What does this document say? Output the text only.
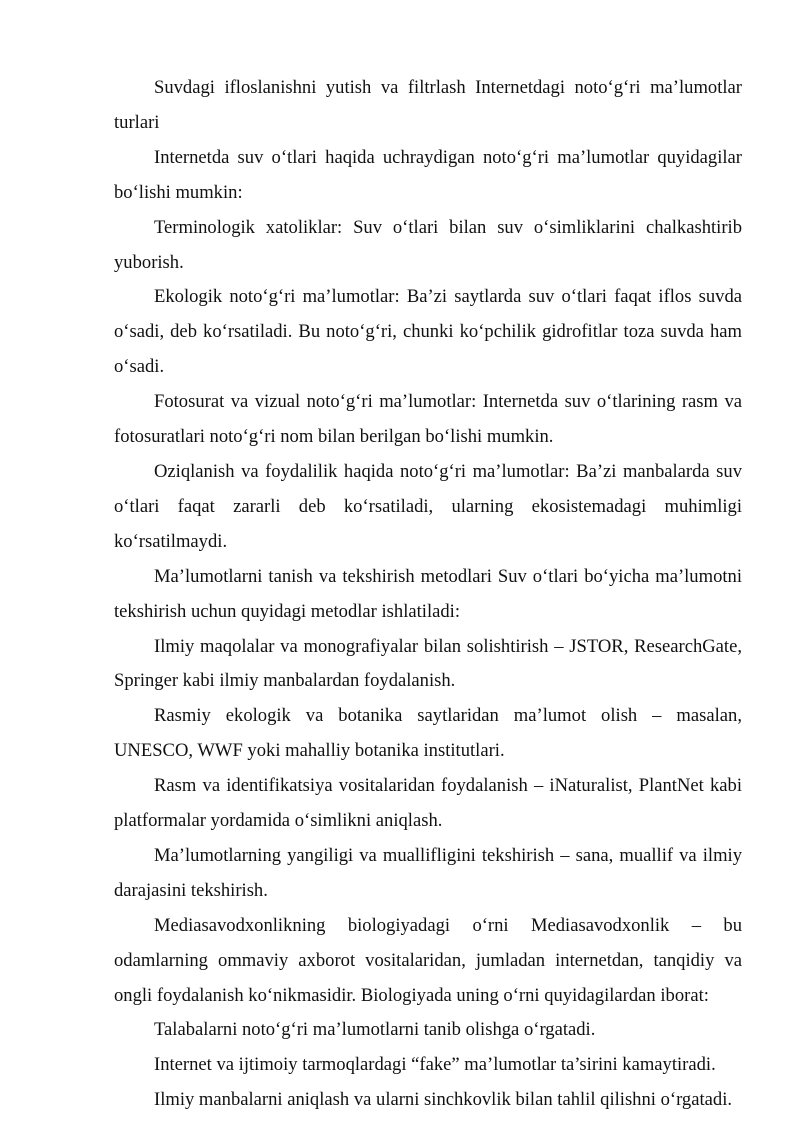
Suvdagi ifloslanishni yutish va filtrlash Internetdagi noto‘g‘ri ma’lumotlar turlari

Internetda suv o‘tlari haqida uchraydigan noto‘g‘ri ma’lumotlar quyidagilar bo‘lishi mumkin:

Terminologik xatoliklar: Suv o‘tlari bilan suv o‘simliklarini chalkashtirib yuborish.

Ekologik noto‘g‘ri ma’lumotlar: Ba’zi saytlarda suv o‘tlari faqat iflos suvda o‘sadi, deb ko‘rsatiladi. Bu noto‘g‘ri, chunki ko‘pchilik gidrofitlar toza suvda ham o‘sadi.

Fotosurat va vizual noto‘g‘ri ma’lumotlar: Internetda suv o‘tlarining rasm va fotosuratlari noto‘g‘ri nom bilan berilgan bo‘lishi mumkin.

Oziqlanish va foydalilik haqida noto‘g‘ri ma’lumotlar: Ba’zi manbalarda suv o‘tlari faqat zararli deb ko‘rsatiladi, ularning ekosistemadagi muhimligi ko‘rsatilmaydi.

Ma’lumotlarni tanish va tekshirish metodlari Suv o‘tlari bo‘yicha ma’lumotni tekshirish uchun quyidagi metodlar ishlatiladi:

Ilmiy maqolalar va monografiyalar bilan solishtirish – JSTOR, ResearchGate, Springer kabi ilmiy manbalardan foydalanish.

Rasmiy ekologik va botanika saytlaridan ma’lumot olish – masalan, UNESCO, WWF yoki mahalliy botanika institutlari.

Rasm va identifikatsiya vositalaridan foydalanish – iNaturalist, PlantNet kabi platformalar yordamida o‘simlikni aniqlash.

Ma’lumotlarning yangiligi va muallifligini tekshirish – sana, muallif va ilmiy darajasini tekshirish.

Mediasavodxonlikning biologiyadagi o‘rni Mediasavodxonlik – bu odamlarning ommaviy axborot vositalaridan, jumladan internetdan, tanqidiy va ongli foydalanish ko‘nikmasidir. Biologiyada uning o‘rni quyidagilardan iborat:

Talabalarni noto‘g‘ri ma’lumotlarni tanib olishga o‘rgatadi.

Internet va ijtimoiy tarmoqlardagi “fake” ma’lumotlar ta’sirini kamaytiradi.

Ilmiy manbalarni aniqlash va ularni sinchkovlik bilan tahlil qilishni o‘rgatadi.
